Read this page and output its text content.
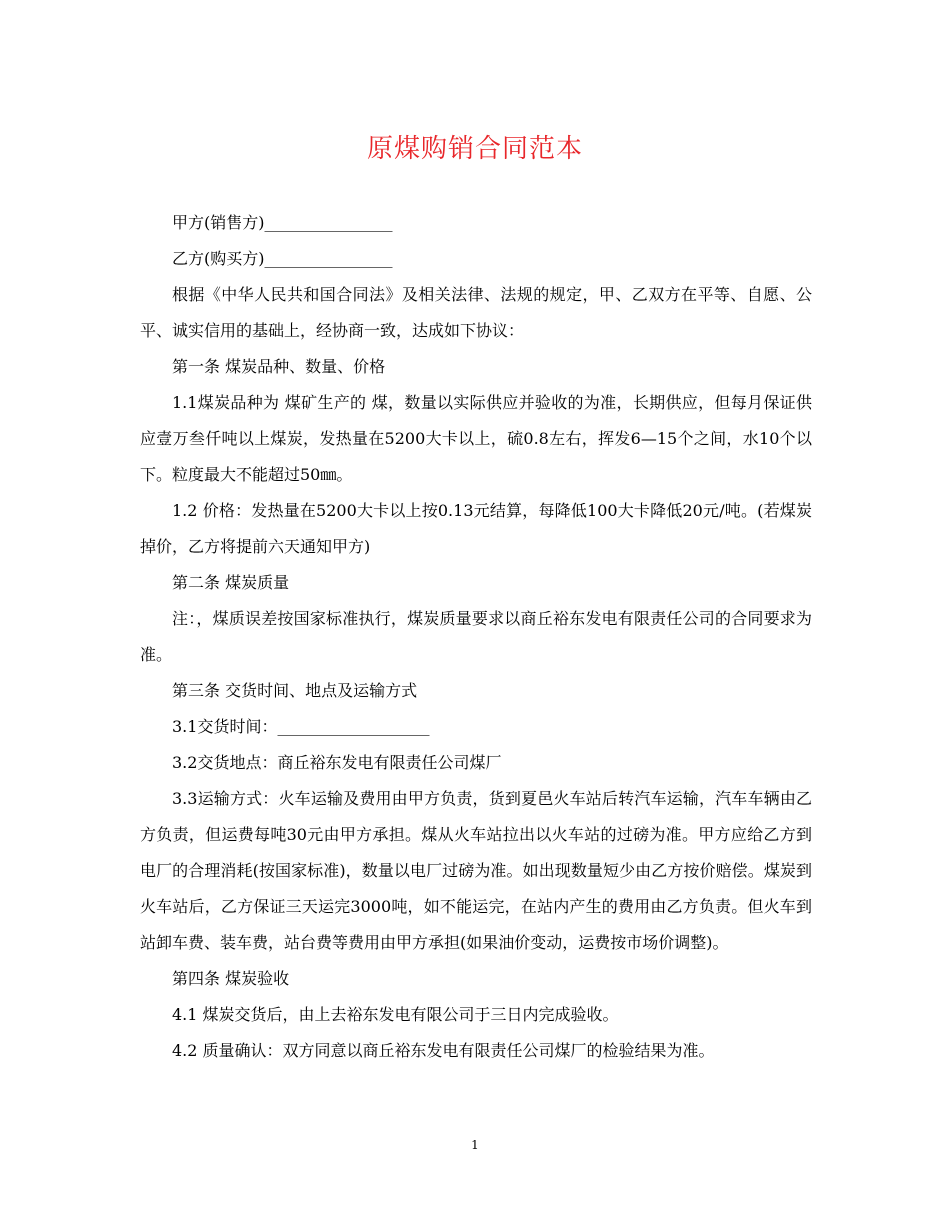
原煤购销合同范本

甲方(销售方)________________

乙方(购买方)________________

根据《中华人民共和国合同法》及相关法律、法规的规定，甲、乙双方在平等、自愿、公平、诚实信用的基础上，经协商一致，达成如下协议：

第一条 煤炭品种、数量、价格

1.1煤炭品种为 煤矿生产的 煤，数量以实际供应并验收的为准，长期供应，但每月保证供应壹万叁仟吨以上煤炭，发热量在5200大卡以上，硫0.8左右，挥发6—15个之间，水10个以下。粒度最大不能超过50㎜。

1.2 价格：发热量在5200大卡以上按0.13元结算，每降低100大卡降低20元/吨。(若煤炭掉价，乙方将提前六天通知甲方)

第二条 煤炭质量

注：，煤质误差按国家标准执行，煤炭质量要求以商丘裕东发电有限责任公司的合同要求为准。

第三条 交货时间、地点及运输方式

3.1交货时间：___________________

3.2交货地点：商丘裕东发电有限责任公司煤厂

3.3运输方式：火车运输及费用由甲方负责，货到夏邑火车站后转汽车运输，汽车车辆由乙方负责，但运费每吨30元由甲方承担。煤从火车站拉出以火车站的过磅为准。甲方应给乙方到电厂的合理消耗(按国家标准)，数量以电厂过磅为准。如出现数量短少由乙方按价赔偿。煤炭到火车站后，乙方保证三天运完3000吨，如不能运完，在站内产生的费用由乙方负责。但火车到站卸车费、装车费，站台费等费用由甲方承担(如果油价变动，运费按市场价调整)。

第四条 煤炭验收

4.1 煤炭交货后，由上去裕东发电有限公司于三日内完成验收。

4.2 质量确认：双方同意以商丘裕东发电有限责任公司煤厂的检验结果为准。

1
